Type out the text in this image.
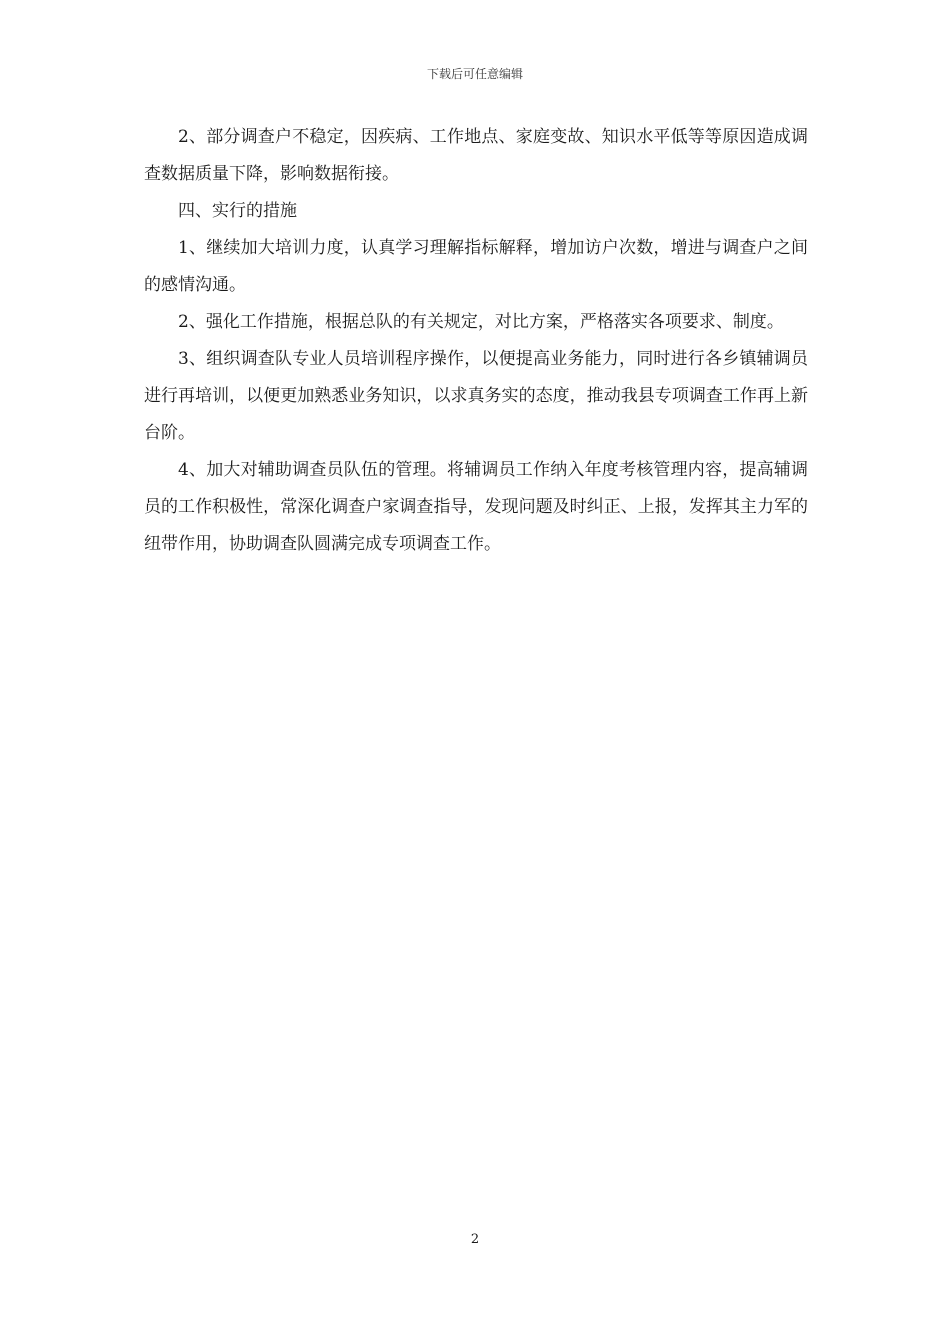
下载后可任意编辑

2、部分调查户不稳定，因疾病、工作地点、家庭变故、知识水平低等等原因造成调查数据质量下降，影响数据衔接。

四、实行的措施

1、继续加大培训力度，认真学习理解指标解释，增加访户次数，增进与调查户之间的感情沟通。

2、强化工作措施，根据总队的有关规定，对比方案，严格落实各项要求、制度。

3、组织调查队专业人员培训程序操作，以便提高业务能力，同时进行各乡镇辅调员进行再培训，以便更加熟悉业务知识，以求真务实的态度，推动我县专项调查工作再上新台阶。

4、加大对辅助调查员队伍的管理。将辅调员工作纳入年度考核管理内容，提高辅调员的工作积极性，常深化调查户家调查指导，发现问题及时纠正、上报，发挥其主力军的纽带作用，协助调查队圆满完成专项调查工作。

2
